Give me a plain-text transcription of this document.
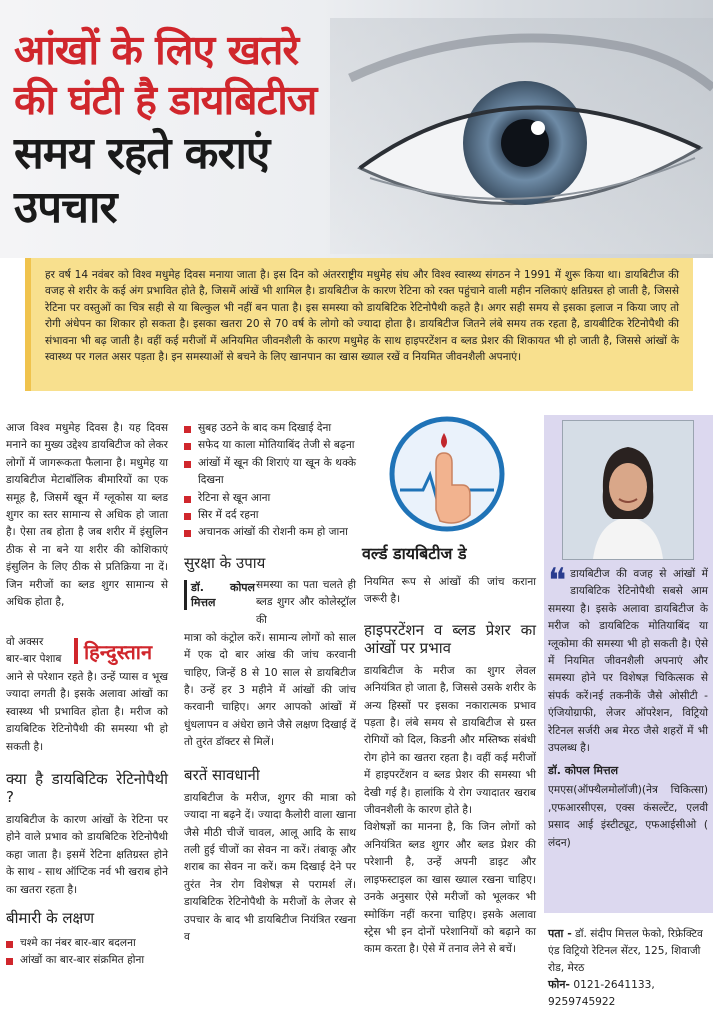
आंखों के लिए खतरे
की घंटी है डायबिटीज
समय रहते कराएं
उपचार
हर वर्ष 14 नवंबर को विश्व मधुमेह दिवस मनाया जाता है। इस दिन को अंतरराष्ट्रीय मधुमेह संघ और विश्व स्वास्थ्य संगठन ने 1991 में शुरू किया था। डायबिटीज की वजह से शरीर के कई अंग प्रभावित होते है, जिसमें आंखें भी शामिल है। डायबिटीज के कारण रेटिना को रक्त पहुंचाने वाली महीन नलिकाएं क्षतिग्रस्त हो जाती है, जिससे रेटिना पर वस्तुओं का चित्र सही से या बिल्कुल भी नहीं बन पाता है। इस समस्या को डायबिटिक रेटिनोपैथी कहते है। अगर सही समय से इसका इलाज न किया जाए तो रोगी अंधेपन का शिकार हो सकता है। इसका खतरा 20 से 70 वर्ष के लोगो को ज्यादा होता है। डायबिटीज जितने लंबे समय तक रहता है, डायबीटिक रेटिनोपैथी की संभावना भी बढ़ जाती है। वहीं कई मरीजों में अनियमित जीवनशैली के कारण मधुमेह के साथ हाइपरटेंशन व ब्लड प्रेशर की शिकायत भी हो जाती है, जिससे आंखों के स्वास्थ्य पर गलत असर पड़ता है। इन समस्याओं से बचने के लिए खानपान का खास ख्याल रखें व नियमित जीवनशैली अपनाएं।
आज विश्व मधुमेह दिवस है। यह दिवस मनाने का मुख्य उद्देश्य डायबिटीज को लेकर लोगों में जागरूकता फैलाना है। मधुमेह या डायबिटीज मेटाबॉलिक बीमारियों का एक समूह है, जिसमें खून में ग्लूकोस या ब्लड शुगर का स्तर सामान्य से अधिक हो जाता है। ऐसा तब होता है जब शरीर में इंसुलिन ठीक से ना बने या शरीर की कोशिकाएं इंसुलिन के लिए ठीक से प्रतिक्रिया ना दें। जिन मरीजों का ब्लड शुगर सामान्य से अधिक होता है,
वो अक्सर
बार-बार पेशाब	हिन्दुस्तान
आने से परेशान रहते है। उन्हें प्यास व भूख ज्यादा लगती है। इसके अलावा आंखों का स्वास्थ्य भी प्रभावित होता है। मरीज को डायबिटिक रेटिनोपैथी की समस्या भी हो सकती है।
क्या है डायबिटिक रेटिनोपैथी ?
डायबिटीज के कारण आंखों के रेटिना पर होने वाले प्रभाव को डायबिटिक रेटिनोपैथी कहा जाता है। इसमें रेटिना क्षतिग्रस्त होने के साथ - साथ ऑप्टिक नर्व भी खराब होने का खतरा रहता है।
बीमारी के लक्षण
चश्मे का नंबर बार-बार बदलना
आंखों का बार-बार संक्रमित होना
सुबह उठने के बाद कम दिखाई देना
सफेद या काला मोतियाबिंद तेजी से बढ़ना
आंखों में खून की शिराएं या खून के थक्के दिखना
रेटिना से खून आना
सिर में दर्द रहना
अचानक आंखों की रोशनी कम हो जाना
सुरक्षा के उपाय
डॉ. कोपल मित्तल
समस्या का पता चलते ही ब्लड शुगर और कोलेस्ट्रॉल की
मात्रा को कंट्रोल करें। सामान्य लोगों को साल में एक दो बार आंख की जांच करवानी चाहिए, जिन्हें 8 से 10 साल से डायबिटीज है। उन्हें हर 3 महीने में आंखों की जांच करवानी चाहिए। अगर आपको आंखों में धुंधलापन व अंधेरा छाने जैसे लक्षण दिखाई दें तो तुरंत डॉक्टर से मिलें।
बरतें सावधानी
डायबिटीज के मरीज, शुगर की मात्रा को ज्यादा ना बढ़ने दें। ज्यादा कैलोरी वाला खाना जैसे मीठी चीजें चावल, आलू आदि के साथ तली हुई चीजों का सेवन ना करें। तंबाकू और शराब का सेवन ना करें। कम दिखाई देने पर तुरंत नेत्र रोग विशेषज्ञ से परामर्श लें। डायबिटिक रेटिनोपैथी के मरीजों के लेजर से उपचार के बाद भी डायबिटीज नियंत्रित रखना व
वर्ल्ड डायबिटीज डे
नियमित रूप से आंखों की जांच कराना जरूरी है।
हाइपरटेंशन व ब्लड प्रेशर का आंखों पर प्रभाव
डायबिटीज के मरीज का शुगर लेवल अनियंत्रित हो जाता है, जिससे उसके शरीर के अन्य हिस्सों पर इसका नकारात्मक प्रभाव पड़ता है। लंबे समय से डायबिटीज से ग्रस्त रोगियों को दिल, किडनी और मस्तिष्क संबंधी रोग होने का खतरा रहता है। वहीं कई मरीजों में हाइपरटेंशन व ब्लड प्रेशर की समस्या भी देखी गई है। हालांकि ये रोग ज्यादातर खराब जीवनशैली के कारण होते है।
विशेषज्ञों का मानना है, कि जिन लोगों को अनियंत्रित ब्लड शुगर और ब्लड प्रेशर की परेशानी है, उन्हें अपनी डाइट और लाइफस्टाइल का खास ख्याल रखना चाहिए। उनके अनुसार ऐसे मरीजों को भूलकर भी स्मोकिंग नहीं करना चाहिए। इसके अलावा स्ट्रेस भी इन दोनों परेशानियों को बढ़ाने का काम करता है। ऐसे में तनाव लेने से बचें।
❝ डायबिटीज की वजह से आंखों में डायबिटिक रेटिनोपैथी सबसे आम समस्या है। इसके अलावा डायबिटीज के मरीज को डायबिटिक मोतियाबिंद या ग्लूकोमा की समस्या भी हो सकती है। ऐसे में नियमित जीवनशैली अपनाएं और समस्या होने पर विशेषज्ञ चिकित्सक से संपर्क करें।नई तकनीकें जैसे ओसीटी - एंजियोग्राफी, लेजर ऑपरेशन, विट्रियो रेटिनल सर्जरी अब मेरठ जैसे शहरों में भी उपलब्ध है।
डॉ. कोपल मित्तल
एमएस(ऑफ्थैलमोलॉजी)(नेत्र चिकित्सा) ,एफआरसीएस, एक्स कंसल्टेंट, एलवी प्रसाद आई इंस्टीट्यूट, एफआईसीओ ( लंदन)
पता - डॉ. संदीप मित्तल फेको, रिफ्रेक्टिव एंड विट्रियो रेटिनल सेंटर, 125, शिवाजी रोड, मेरठ
फोन- 0121-2641133, 9259745922
